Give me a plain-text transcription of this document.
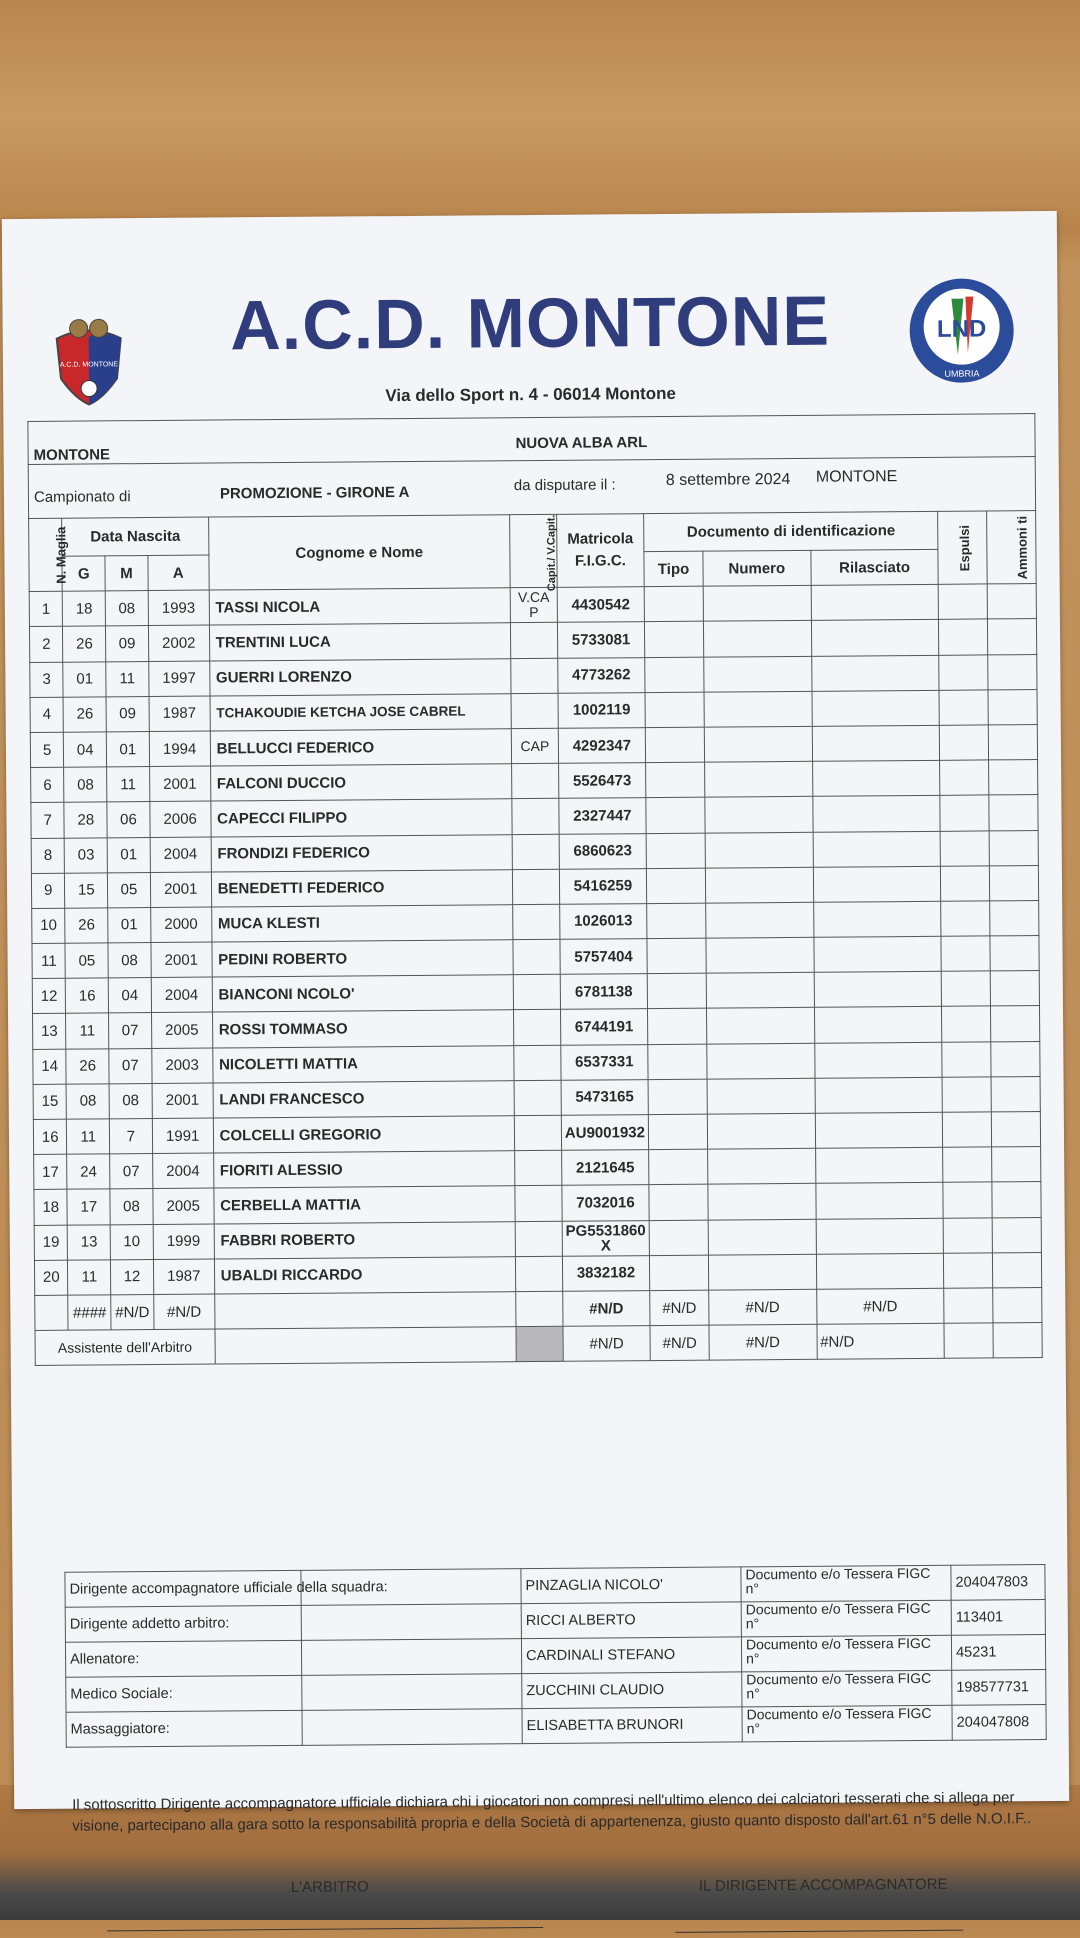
A.C.D. MONTONE
LND
UMBRIA
A.C.D. MONTONE
Via dello Sport n. 4 - 06014 Montone
MONTONE
NUOVA ALBA ARL
Campionato di	PROMOZIONE - GIRONE A	da disputare il :	8 settembre 2024 MONTONE
N. Maglia	Data Nascita			Cognome e Nome	Capit./ V.Capit.	Matricola F.I.G.C.	Documento di identificazione			Espulsi	Ammoni ti
	G	M	A				Tipo	Numero	Rilasciato		
1	18	08	1993	TASSI NICOLA	V.CA P	4430542					
2	26	09	2002	TRENTINI LUCA		5733081					
3	01	11	1997	GUERRI LORENZO		4773262					
4	26	09	1987	TCHAKOUDIE KETCHA JOSE CABREL		1002119					
5	04	01	1994	BELLUCCI FEDERICO	CAP	4292347					
6	08	11	2001	FALCONI DUCCIO		5526473					
7	28	06	2006	CAPECCI FILIPPO		2327447					
8	03	01	2004	FRONDIZI FEDERICO		6860623					
9	15	05	2001	BENEDETTI FEDERICO		5416259					
10	26	01	2000	MUCA KLESTI		1026013					
11	05	08	2001	PEDINI ROBERTO		5757404					
12	16	04	2004	BIANCONI NCOLO'		6781138					
13	11	07	2005	ROSSI TOMMASO		6744191					
14	26	07	2003	NICOLETTI MATTIA		6537331					
15	08	08	2001	LANDI FRANCESCO		5473165					
16	11	7	1991	COLCELLI GREGORIO		AU9001932					
17	24	07	2004	FIORITI ALESSIO		2121645					
18	17	08	2005	CERBELLA MATTIA		7032016					
19	13	10	1999	FABBRI ROBERTO		PG5531860 X					
20	11	12	1987	UBALDI RICCARDO		3832182					
	####	#N/D	#N/D			#N/D	#N/D	#N/D	#N/D		
Assistente dell'Arbitro						#N/D	#N/D	#N/D	#N/D		
Dirigente accompagnatore ufficiale della squadra:		PINZAGLIA NICOLO'	Documento e/o Tessera FIGC n°	204047803
Dirigente addetto arbitro:		RICCI ALBERTO	Documento e/o Tessera FIGC n°	113401
Allenatore:		CARDINALI STEFANO	Documento e/o Tessera FIGC n°	45231
Medico Sociale:		ZUCCHINI CLAUDIO	Documento e/o Tessera FIGC n°	198577731
Massaggiatore:		ELISABETTA BRUNORI	Documento e/o Tessera FIGC n°	204047808
Il sottoscritto Dirigente accompagnatore ufficiale dichiara chi i giocatori non compresi nell'ultimo elenco dei calciatori tesserati che si allega per visione, partecipano alla gara sotto la responsabilità propria e della Società di appartenenza, giusto quanto disposto dall'art.61 n°5 delle N.O.I.F..
L'ARBITRO	IL DIRIGENTE ACCOMPAGNATORE
